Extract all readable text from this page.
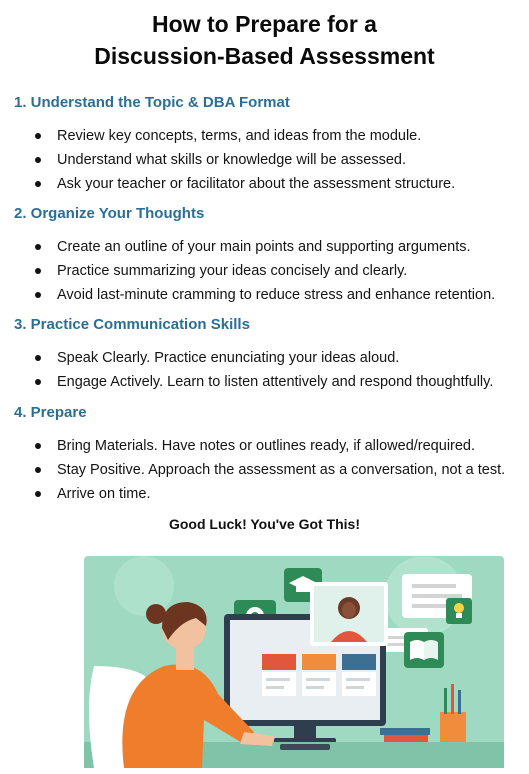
How to Prepare for a
Discussion-Based Assessment
1. Understand the Topic & DBA Format
Review key concepts, terms, and ideas from the module.
Understand what skills or knowledge will be assessed.
Ask your teacher or facilitator about the assessment structure.
2. Organize Your Thoughts
Create an outline of your main points and supporting arguments.
Practice summarizing your ideas concisely and clearly.
Avoid last-minute cramming to reduce stress and enhance retention.
3. Practice Communication Skills
Speak Clearly. Practice enunciating your ideas aloud.
Engage Actively. Learn to listen attentively and respond thoughtfully.
4. Prepare
Bring Materials. Have notes or outlines ready, if allowed/required.
Stay Positive. Approach the assessment as a conversation, not a test.
Arrive on time.
Good Luck! You've Got This!
